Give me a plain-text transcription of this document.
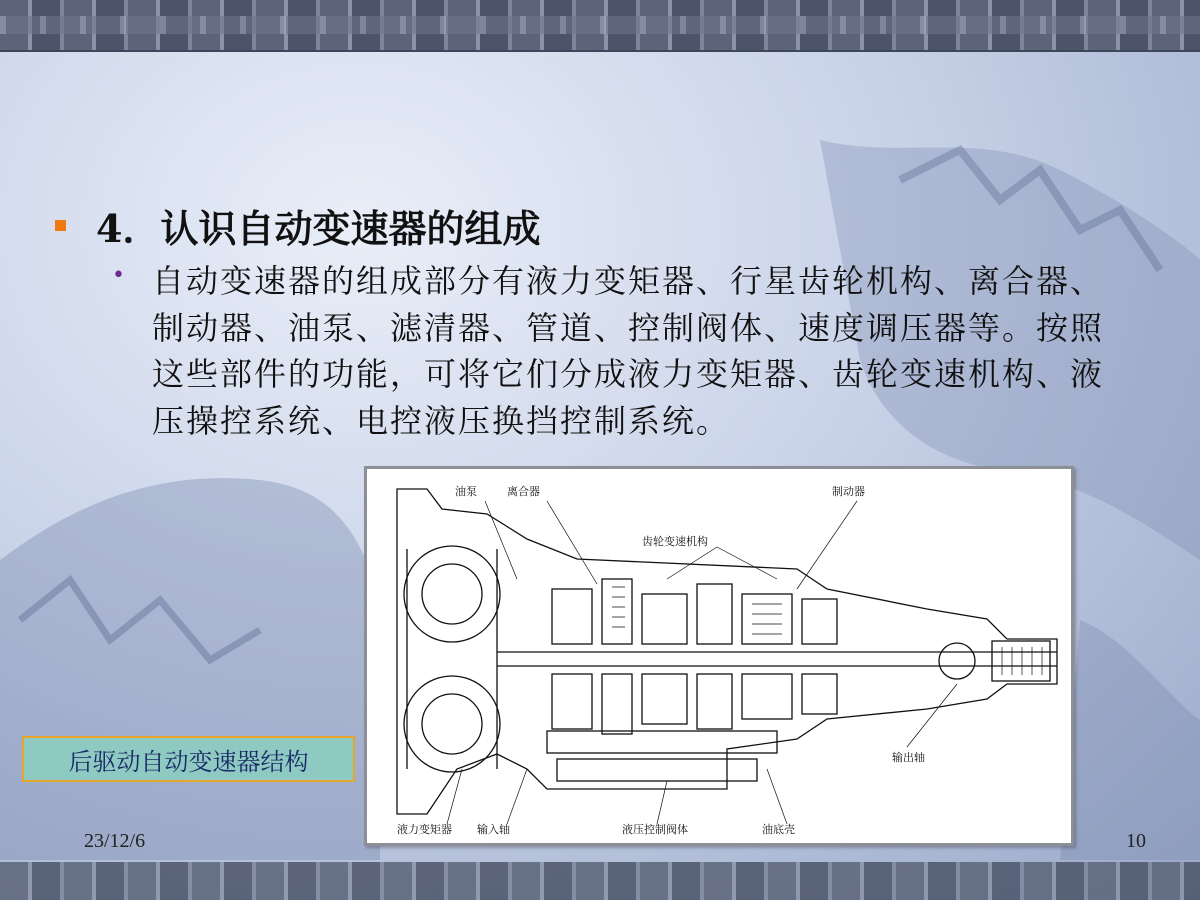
4．认识自动变速器的组成
• 自动变速器的组成部分有液力变矩器、行星齿轮机构、离合器、制动器、油泵、滤清器、管道、控制阀体、速度调压器等。按照这些部件的功能，可将它们分成液力变矩器、齿轮变速机构、液压操控系统、电控液压换挡控制系统。
后驱动自动变速器结构
油泵	离合器	制动器
齿轮变速机构
输出轴
液力变矩器 输入轴	液压控制阀体	油底壳
23/12/6	10
